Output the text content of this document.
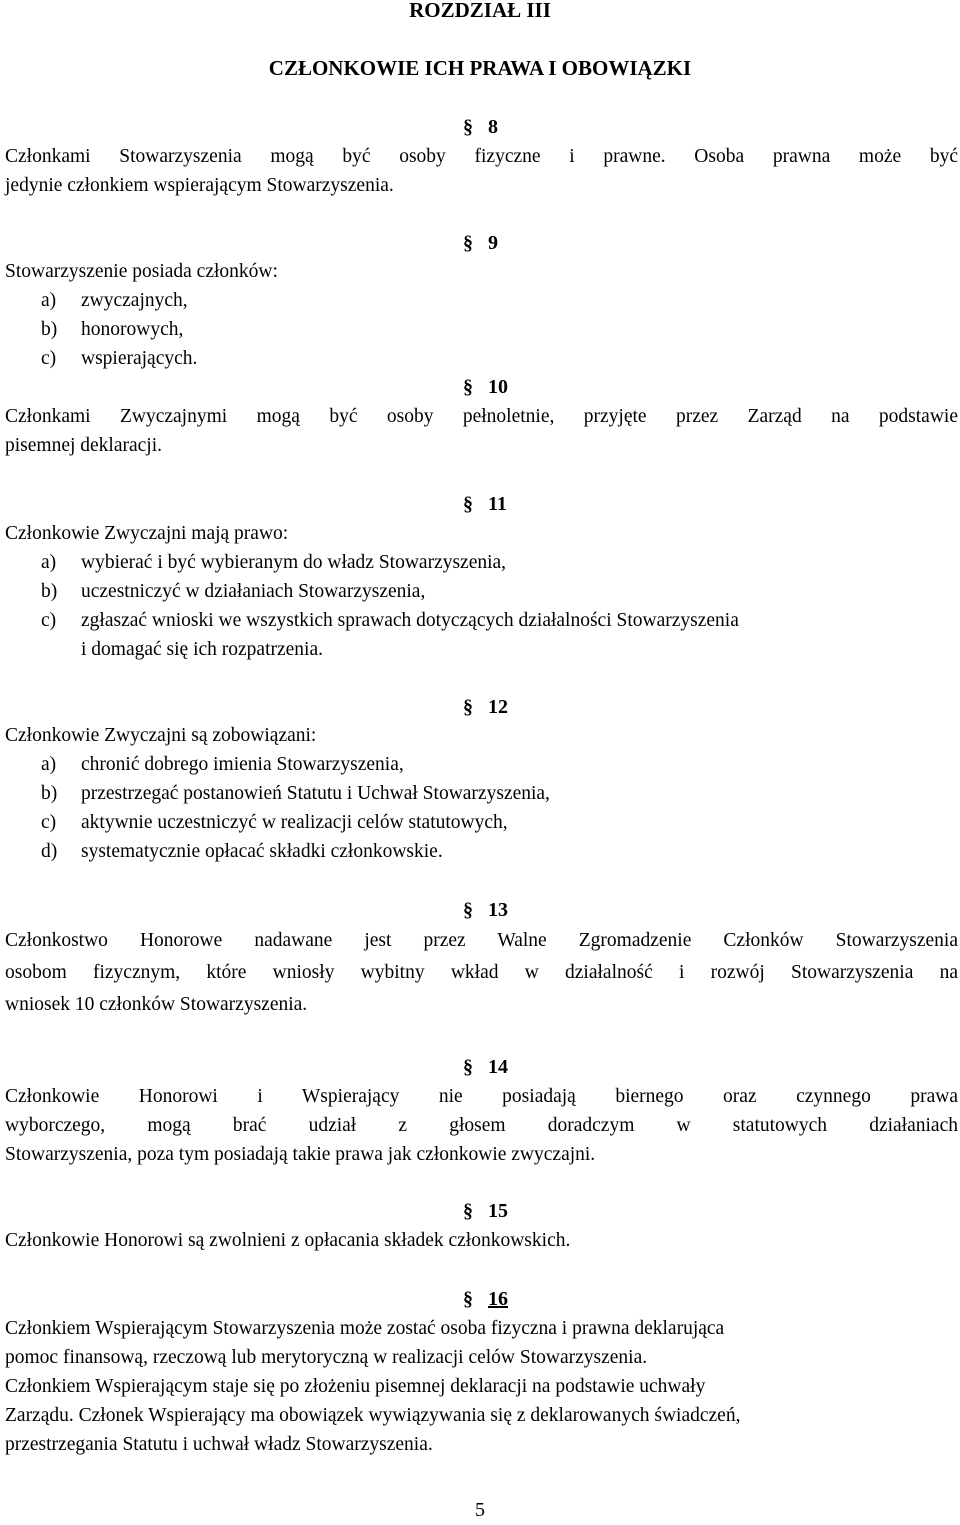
ROZDZIAŁ III
CZŁONKOWIE ICH PRAWA I OBOWIĄZKI
§ 8
Członkami Stowarzyszenia mogą być osoby fizyczne i prawne. Osoba prawna może być
jedynie członkiem wspierającym Stowarzyszenia.
§ 9
Stowarzyszenie posiada członków:
a) zwyczajnych,
b) honorowych,
c) wspierających.
§ 10
Członkami Zwyczajnymi mogą być osoby pełnoletnie, przyjęte przez Zarząd na podstawie
pisemnej deklaracji.
§ 11
Członkowie Zwyczajni mają prawo:
a) wybierać i być wybieranym do władz Stowarzyszenia,
b) uczestniczyć w działaniach Stowarzyszenia,
c) zgłaszać wnioski we wszystkich sprawach dotyczących działalności Stowarzyszenia
i domagać się ich rozpatrzenia.
§ 12
Członkowie Zwyczajni są zobowiązani:
a) chronić dobrego imienia Stowarzyszenia,
b) przestrzegać postanowień Statutu i Uchwał Stowarzyszenia,
c) aktywnie uczestniczyć w realizacji celów statutowych,
d) systematycznie opłacać składki członkowskie.
§ 13
Członkostwo Honorowe nadawane jest przez Walne Zgromadzenie Członków Stowarzyszenia
osobom fizycznym, które wniosły wybitny wkład w działalność i rozwój Stowarzyszenia na
wniosek 10 członków Stowarzyszenia.
§ 14
Członkowie Honorowi i Wspierający nie posiadają biernego oraz czynnego prawa
wyborczego, mogą brać udział z głosem doradczym w statutowych działaniach
Stowarzyszenia, poza tym posiadają takie prawa jak członkowie zwyczajni.
§ 15
Członkowie Honorowi są zwolnieni z opłacania składek członkowskich.
§ 16
Członkiem Wspierającym Stowarzyszenia może zostać osoba fizyczna i prawna deklarująca
pomoc finansową, rzeczową lub merytoryczną w realizacji celów Stowarzyszenia.
Członkiem Wspierającym staje się po złożeniu pisemnej deklaracji na podstawie uchwały
Zarządu. Członek Wspierający ma obowiązek wywiązywania się z deklarowanych świadczeń,
przestrzegania Statutu i uchwał władz Stowarzyszenia.
5
